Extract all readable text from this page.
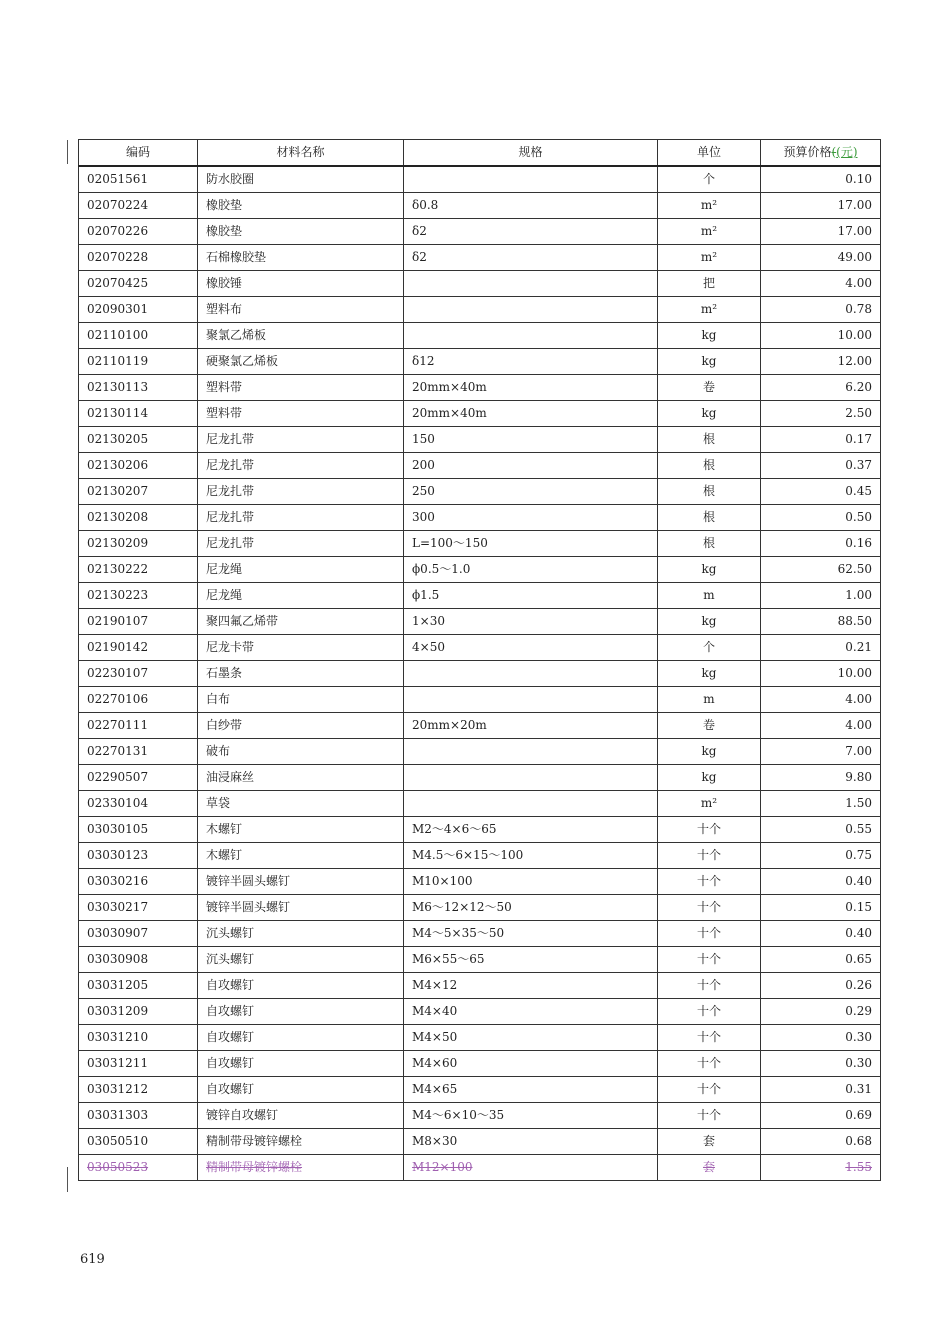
编码	材料名称	规格	单位	预算价格((元)
02051561	防水胶圈		个	0.10
02070224	橡胶垫	δ0.8	m²	17.00
02070226	橡胶垫	δ2	m²	17.00
02070228	石棉橡胶垫	δ2	m²	49.00
02070425	橡胶锤		把	4.00
02090301	塑料布		m²	0.78
02110100	聚氯乙烯板		kg	10.00
02110119	硬聚氯乙烯板	δ12	kg	12.00
02130113	塑料带	20mm×40m	卷	6.20
02130114	塑料带	20mm×40m	kg	2.50
02130205	尼龙扎带	150	根	0.17
02130206	尼龙扎带	200	根	0.37
02130207	尼龙扎带	250	根	0.45
02130208	尼龙扎带	300	根	0.50
02130209	尼龙扎带	L=100～150	根	0.16
02130222	尼龙绳	ϕ0.5～1.0	kg	62.50
02130223	尼龙绳	ϕ1.5	m	1.00
02190107	聚四氟乙烯带	1×30	kg	88.50
02190142	尼龙卡带	4×50	个	0.21
02230107	石墨条		kg	10.00
02270106	白布		m	4.00
02270111	白纱带	20mm×20m	卷	4.00
02270131	破布		kg	7.00
02290507	油浸麻丝		kg	9.80
02330104	草袋		m²	1.50
03030105	木螺钉	M2～4×6～65	十个	0.55
03030123	木螺钉	M4.5～6×15～100	十个	0.75
03030216	镀锌半圆头螺钉	M10×100	十个	0.40
03030217	镀锌半圆头螺钉	M6～12×12～50	十个	0.15
03030907	沉头螺钉	M4～5×35～50	十个	0.40
03030908	沉头螺钉	M6×55～65	十个	0.65
03031205	自攻螺钉	M4×12	十个	0.26
03031209	自攻螺钉	M4×40	十个	0.29
03031210	自攻螺钉	M4×50	十个	0.30
03031211	自攻螺钉	M4×60	十个	0.30
03031212	自攻螺钉	M4×65	十个	0.31
03031303	镀锌自攻螺钉	M4～6×10～35	十个	0.69
03050510	精制带母镀锌螺栓	M8×30	套	0.68
03050523	精制带母镀锌螺栓	M12×100	套	1.55
619
